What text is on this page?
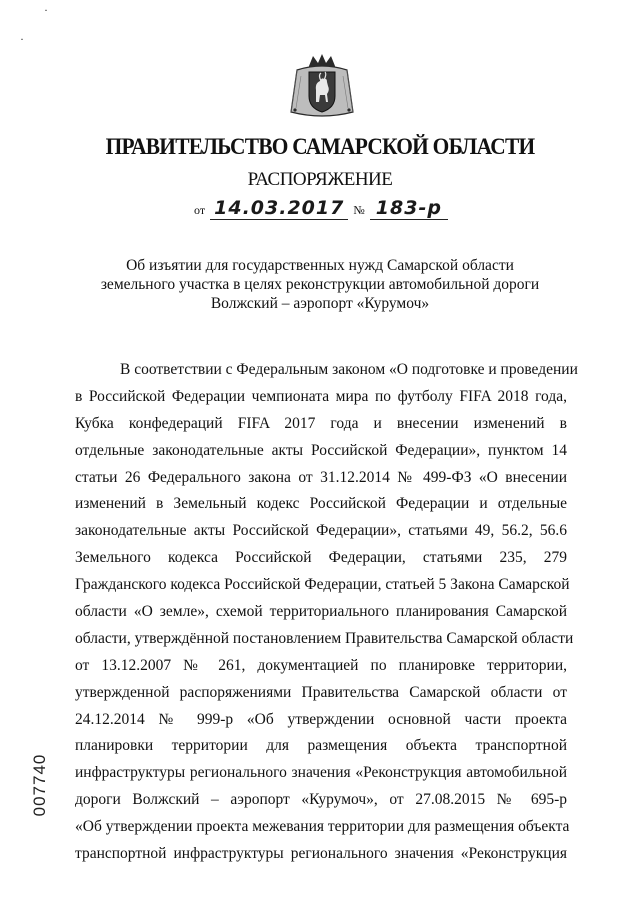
·
·
ПРАВИТЕЛЬСТВО САМАРСКОЙ ОБЛАСТИ
РАСПОРЯЖЕНИЕ
от 14.03.2017 № 183-р
Об изъятии для государственных нужд Самарской области
земельного участка в целях реконструкции автомобильной дороги
Волжский – аэропорт «Курумоч»
В соответствии с Федеральным законом «О подготовке и проведении
в Российской Федерации чемпионата мира по футболу FIFA 2018 года,
Кубка конфедераций FIFA 2017 года и внесении изменений в
отдельные законодательные акты Российской Федерации», пунктом 14
статьи 26 Федерального закона от 31.12.2014 № 499-ФЗ «О внесении
изменений в Земельный кодекс Российской Федерации и отдельные
законодательные акты Российской Федерации», статьями 49, 56.2, 56.6
Земельного кодекса Российской Федерации, статьями 235, 279
Гражданского кодекса Российской Федерации, статьей 5 Закона Самарской
области «О земле», схемой территориального планирования Самарской
области, утверждённой постановлением Правительства Самарской области
от 13.12.2007 № 261, документацией по планировке территории,
утвержденной распоряжениями Правительства Самарской области от
24.12.2014 № 999-р «Об утверждении основной части проекта
планировки территории для размещения объекта транспортной
инфраструктуры регионального значения «Реконструкция автомобильной
дороги Волжский – аэропорт «Курумоч», от 27.08.2015 № 695-р
«Об утверждении проекта межевания территории для размещения объекта
транспортной инфраструктуры регионального значения «Реконструкция
007740
